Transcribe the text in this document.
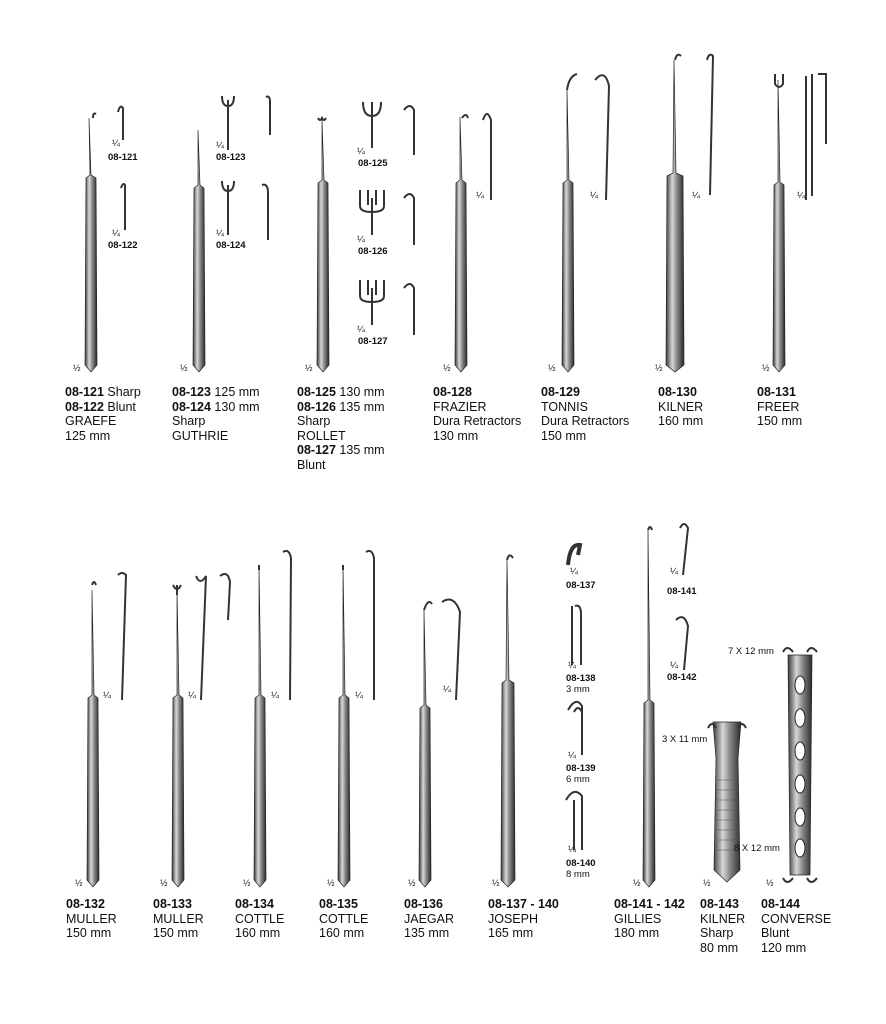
½	½	½	½	½	½	½
½	½	½	½	½	½	½	½	½
¼
08-121
¼
08-122
¼
08-123
¼
08-124
¼
08-125
¼
08-126
¼
08-127
¼	¼	¼	¼
¼	¼	¼	¼
¼
¼
08-137
¼
08-138
3 mm
¼
08-139
6 mm
¼
08-140
8 mm
¼
08-141
¼
08-142
3 X 11 mm
7 X 12 mm
8 X 12 mm
08-121 Sharp
08-122 Blunt
GRAEFE
125 mm
08-123 125 mm
08-124 130 mm
Sharp
GUTHRIE
08-125 130 mm
08-126 135 mm
Sharp
ROLLET
08-127 135 mm
Blunt
08-128
FRAZIER
Dura Retractors
130 mm
08-129
TONNIS
Dura Retractors
150 mm
08-130
KILNER
160 mm
08-131
FREER
150 mm
08-132
MULLER
150 mm
08-133
MULLER
150 mm
08-134
COTTLE
160 mm
08-135
COTTLE
160 mm
08-136
JAEGAR
135 mm
08-137 - 140
JOSEPH
165 mm
08-141 - 142
GILLIES
180 mm
08-143
KILNER
Sharp
80 mm
08-144
CONVERSE
Blunt
120 mm
